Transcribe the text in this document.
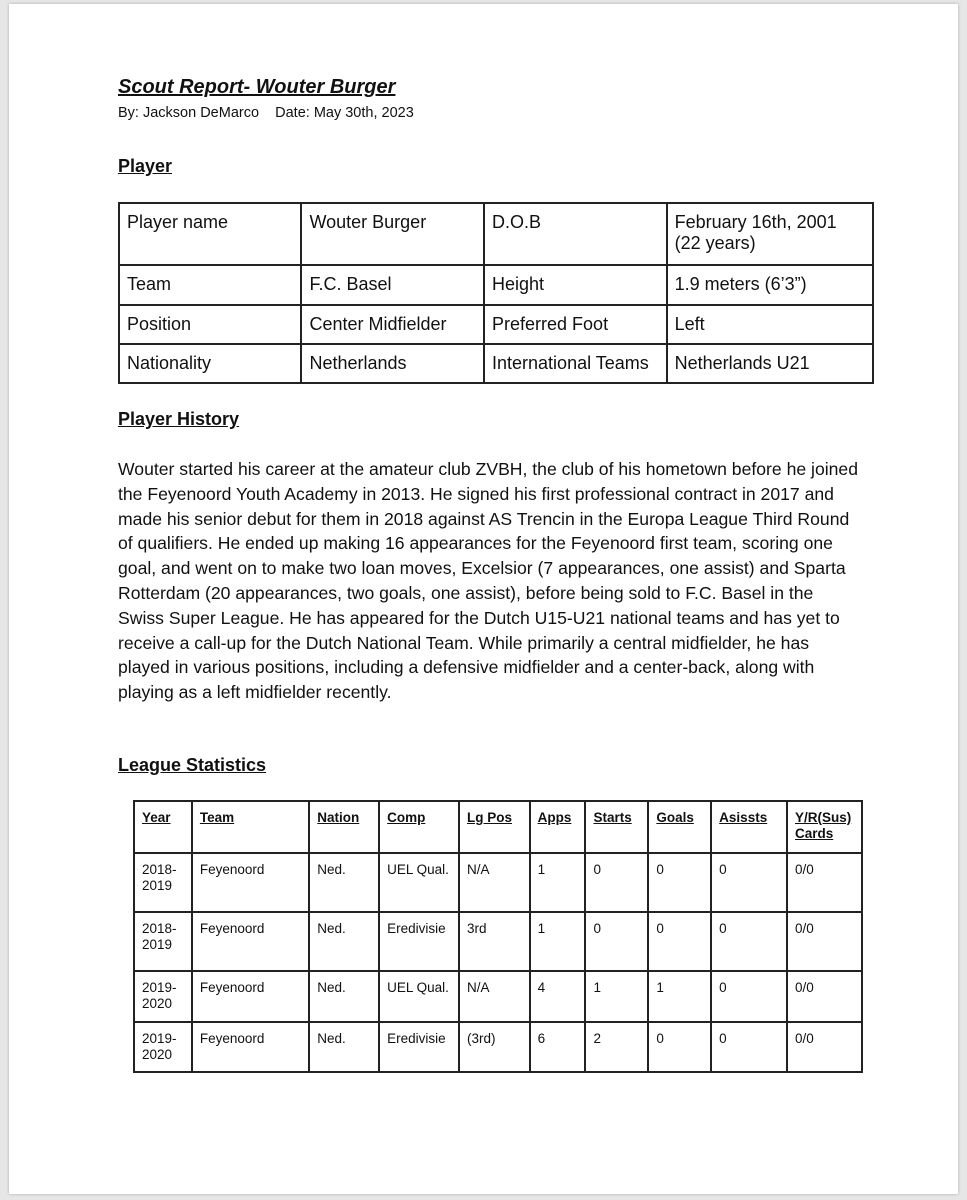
Scout Report- Wouter Burger
By: Jackson DeMarco    Date: May 30th, 2023
Player
Player name	Wouter Burger	D.O.B	February 16th, 2001 (22 years)
Team	F.C. Basel	Height	1.9 meters (6’3”)
Position	Center Midfielder	Preferred Foot	Left
Nationality	Netherlands	International Teams	Netherlands U21
Player History

Wouter started his career at the amateur club ZVBH, the club of his hometown before he joined the Feyenoord Youth Academy in 2013. He signed his first professional contract in 2017 and made his senior debut for them in 2018 against AS Trencin in the Europa League Third Round of qualifiers. He ended up making 16 appearances for the Feyenoord first team, scoring one goal, and went on to make two loan moves, Excelsior (7 appearances, one assist) and Sparta Rotterdam (20 appearances, two goals, one assist), before being sold to F.C. Basel in the Swiss Super League. He has appeared for the Dutch U15-U21 national teams and has yet to receive a call-up for the Dutch National Team. While primarily a central midfielder, he has played in various positions, including a defensive midfielder and a center-back, along with playing as a left midfielder recently.

League Statistics
Year	Team	Nation	Comp	Lg Pos	Apps	Starts	Goals	Asissts	Y/R(Sus) Cards
2018-2019	Feyenoord	Ned.	UEL Qual.	N/A	1	0	0	0	0/0
2018-2019	Feyenoord	Ned.	Eredivisie	3rd	1	0	0	0	0/0
2019-2020	Feyenoord	Ned.	UEL Qual.	N/A	4	1	1	0	0/0
2019-2020	Feyenoord	Ned.	Eredivisie	(3rd)	6	2	0	0	0/0
